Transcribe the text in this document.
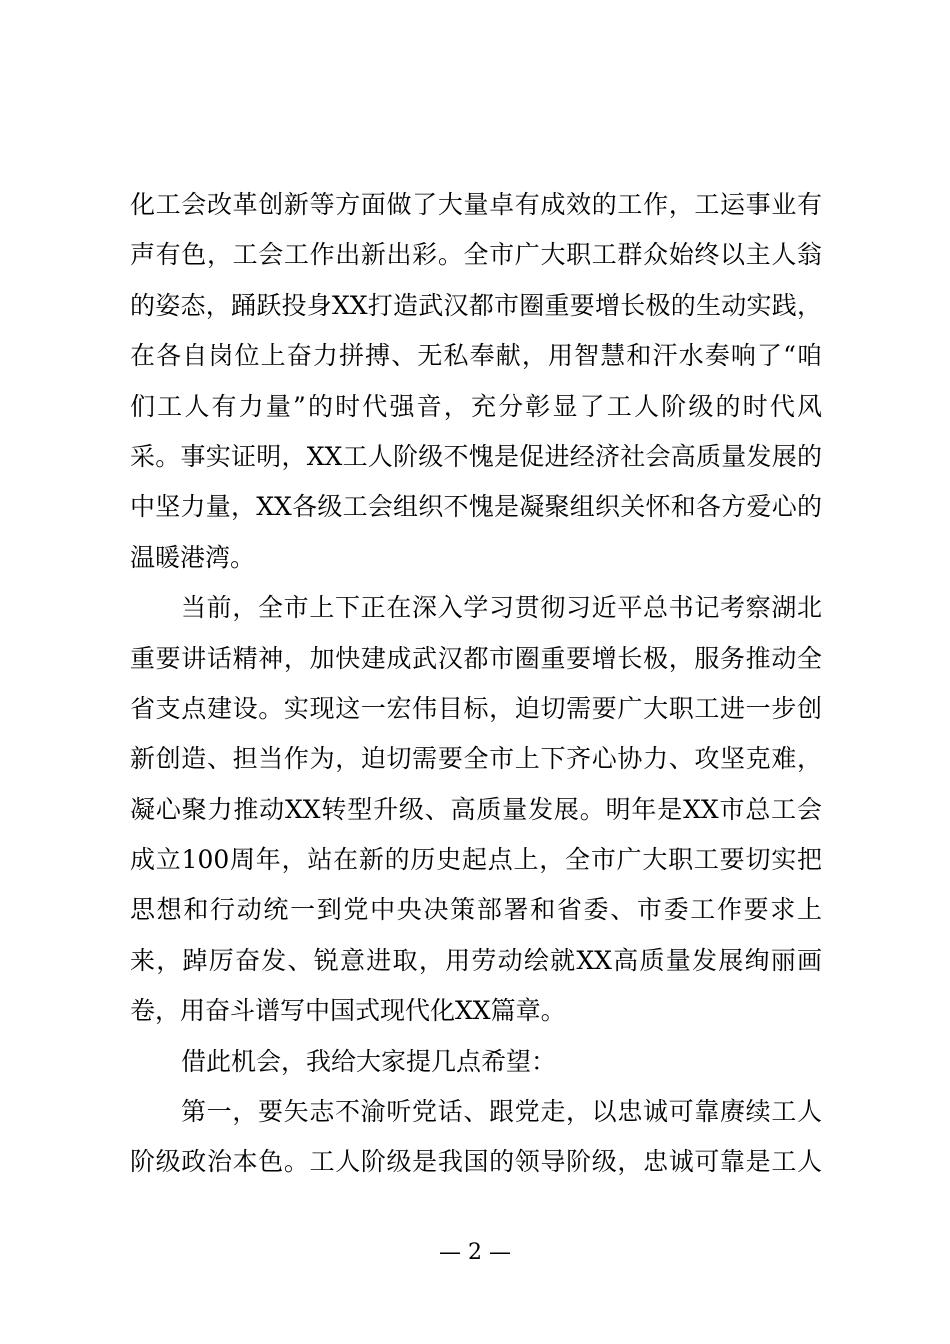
化工会改革创新等方面做了大量卓有成效的工作，工运事业有
声有色，工会工作出新出彩。全市广大职工群众始终以主人翁
的姿态，踊跃投身XX打造武汉都市圈重要增长极的生动实践，
在各自岗位上奋力拼搏、无私奉献，用智慧和汗水奏响了“咱
们工人有力量”的时代强音，充分彰显了工人阶级的时代风
采。事实证明，XX工人阶级不愧是促进经济社会高质量发展的
中坚力量，XX各级工会组织不愧是凝聚组织关怀和各方爱心的
温暖港湾。
当前，全市上下正在深入学习贯彻习近平总书记考察湖北
重要讲话精神，加快建成武汉都市圈重要增长极，服务推动全
省支点建设。实现这一宏伟目标，迫切需要广大职工进一步创
新创造、担当作为，迫切需要全市上下齐心协力、攻坚克难，
凝心聚力推动XX转型升级、高质量发展。明年是XX市总工会
成立100周年，站在新的历史起点上，全市广大职工要切实把
思想和行动统一到党中央决策部署和省委、市委工作要求上
来，踔厉奋发、锐意进取，用劳动绘就XX高质量发展绚丽画
卷，用奋斗谱写中国式现代化XX篇章。
借此机会，我给大家提几点希望：
第一，要矢志不渝听党话、跟党走，以忠诚可靠赓续工人
阶级政治本色。工人阶级是我国的领导阶级，忠诚可靠是工人
— 2 —
